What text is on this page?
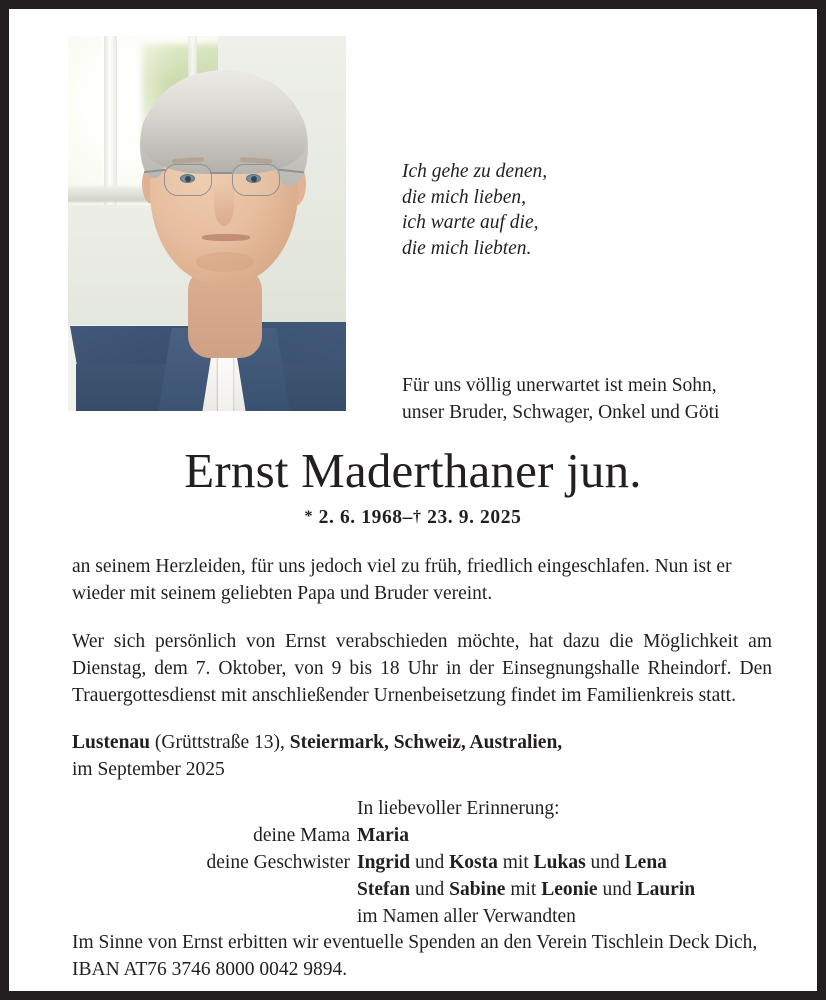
Ich gehe zu denen,
die mich lieben,
ich warte auf die,
die mich liebten.
Für uns völlig unerwartet ist mein Sohn,
unser Bruder, Schwager, Onkel und Göti
Ernst Maderthaner jun.
* 2. 6. 1968–† 23. 9. 2025
an seinem Herzleiden, für uns jedoch viel zu früh, friedlich eingeschlafen. Nun ist er wieder mit seinem geliebten Papa und Bruder vereint.
Wer sich persönlich von Ernst verabschieden möchte, hat dazu die Möglichkeit am Dienstag, dem 7. Oktober, von 9 bis 18 Uhr in der Einsegnungshalle Rheindorf. Den Trauergottesdienst mit anschließender Urnenbeisetzung findet im Familienkreis statt.
Lustenau (Grüttstraße 13), Steiermark, Schweiz, Australien,
im September 2025
In liebevoller Erinnerung:
deine Mama Maria
deine Geschwister Ingrid und Kosta mit Lukas und Lena
Stefan und Sabine mit Leonie und Laurin
im Namen aller Verwandten
Im Sinne von Ernst erbitten wir eventuelle Spenden an den Verein Tischlein Deck Dich, IBAN AT76 3746 8000 0042 9894.
